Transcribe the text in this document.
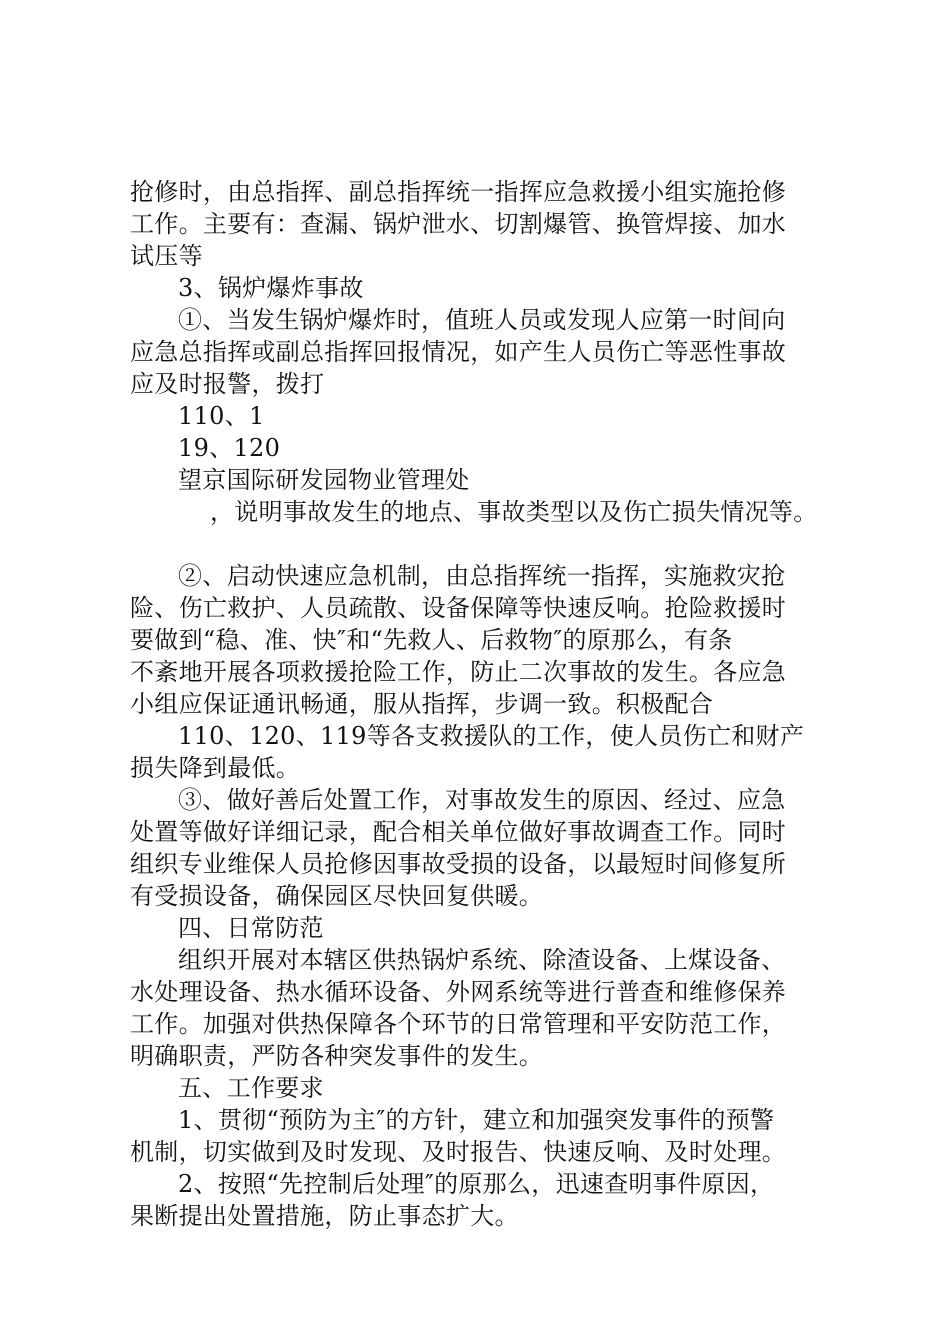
抢修时，由总指挥、副总指挥统一指挥应急救援小组实施抢修
工作。主要有：查漏、锅炉泄水、切割爆管、换管焊接、加水
试压等
3、锅炉爆炸事故
①、当发生锅炉爆炸时，值班人员或发现人应第一时间向
应急总指挥或副总指挥回报情况，如产生人员伤亡等恶性事故
应及时报警，拨打
110、1
19、120
望京国际研发园物业管理处
，说明事故发生的地点、事故类型以及伤亡损失情况等。
②、启动快速应急机制，由总指挥统一指挥，实施救灾抢
险、伤亡救护、人员疏散、设备保障等快速反响。抢险救援时
要做到“稳、准、快″和“先救人、后救物″的原那么，有条
不紊地开展各项救援抢险工作，防止二次事故的发生。各应急
小组应保证通讯畅通，服从指挥，步调一致。积极配合
110、120、119等各支救援队的工作，使人员伤亡和财产
损失降到最低。
③、做好善后处置工作，对事故发生的原因、经过、应急
处置等做好详细记录，配合相关单位做好事故调查工作。同时
组织专业维保人员抢修因事故受损的设备，以最短时间修复所
有受损设备，确保园区尽快回复供暖。
四、日常防范
组织开展对本辖区供热锅炉系统、除渣设备、上煤设备、
水处理设备、热水循环设备、外网系统等进行普查和维修保养
工作。加强对供热保障各个环节的日常管理和平安防范工作，
明确职责，严防各种突发事件的发生。
五、工作要求
1、贯彻“预防为主″的方针，建立和加强突发事件的预警
机制，切实做到及时发现、及时报告、快速反响、及时处理。
2、按照“先控制后处理″的原那么，迅速查明事件原因，
果断提出处置措施，防止事态扩大。
